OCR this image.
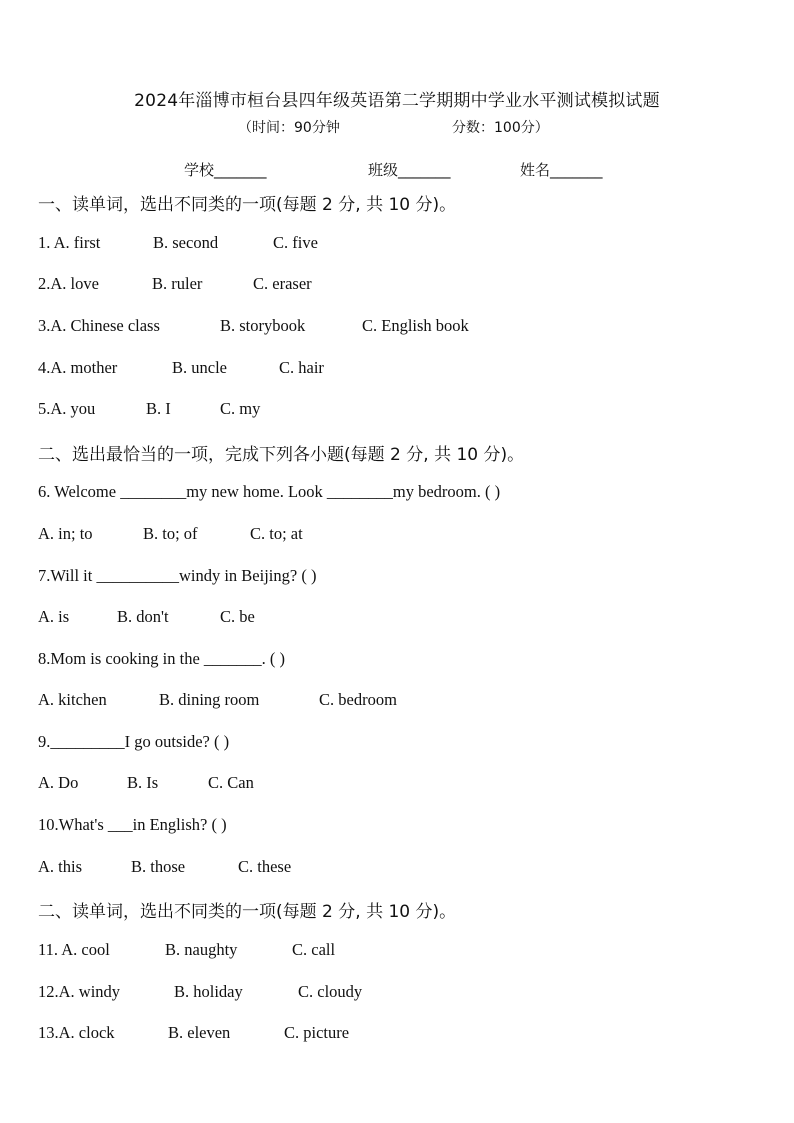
2024年淄博市桓台县四年级英语第二学期期中学业水平测试模拟试题
（时间：90分钟	分数：100分）
学校_______	班级_______	姓名_______
一、读单词，选出不同类的一项(每题 2 分, 共 10 分)。
1. A. first	B. second	C. five
2.A. love	B. ruler	C. eraser
3.A. Chinese class	B. storybook	C. English book
4.A. mother	B. uncle	C. hair
5.A. you	B. I	C. my
二、选出最恰当的一项，完成下列各小题(每题 2 分, 共 10 分)。
6. Welcome ________my new home. Look ________my bedroom. ( )
A. in; to	B. to; of	C. to; at
7.Will it __________windy in Beijing? ( )
A. is	B. don't	C. be
8.Mom is cooking in the _______. ( )
A. kitchen	B. dining room	C. bedroom
9._________I go outside? ( )
A. Do	B. Is	C. Can
10.What's ___in English? ( )
A. this	B. those	C. these
二、读单词，选出不同类的一项(每题 2 分, 共 10 分)。
11. A. cool	B. naughty	C. call
12.A. windy	B. holiday	C. cloudy
13.A. clock	B. eleven	C. picture
